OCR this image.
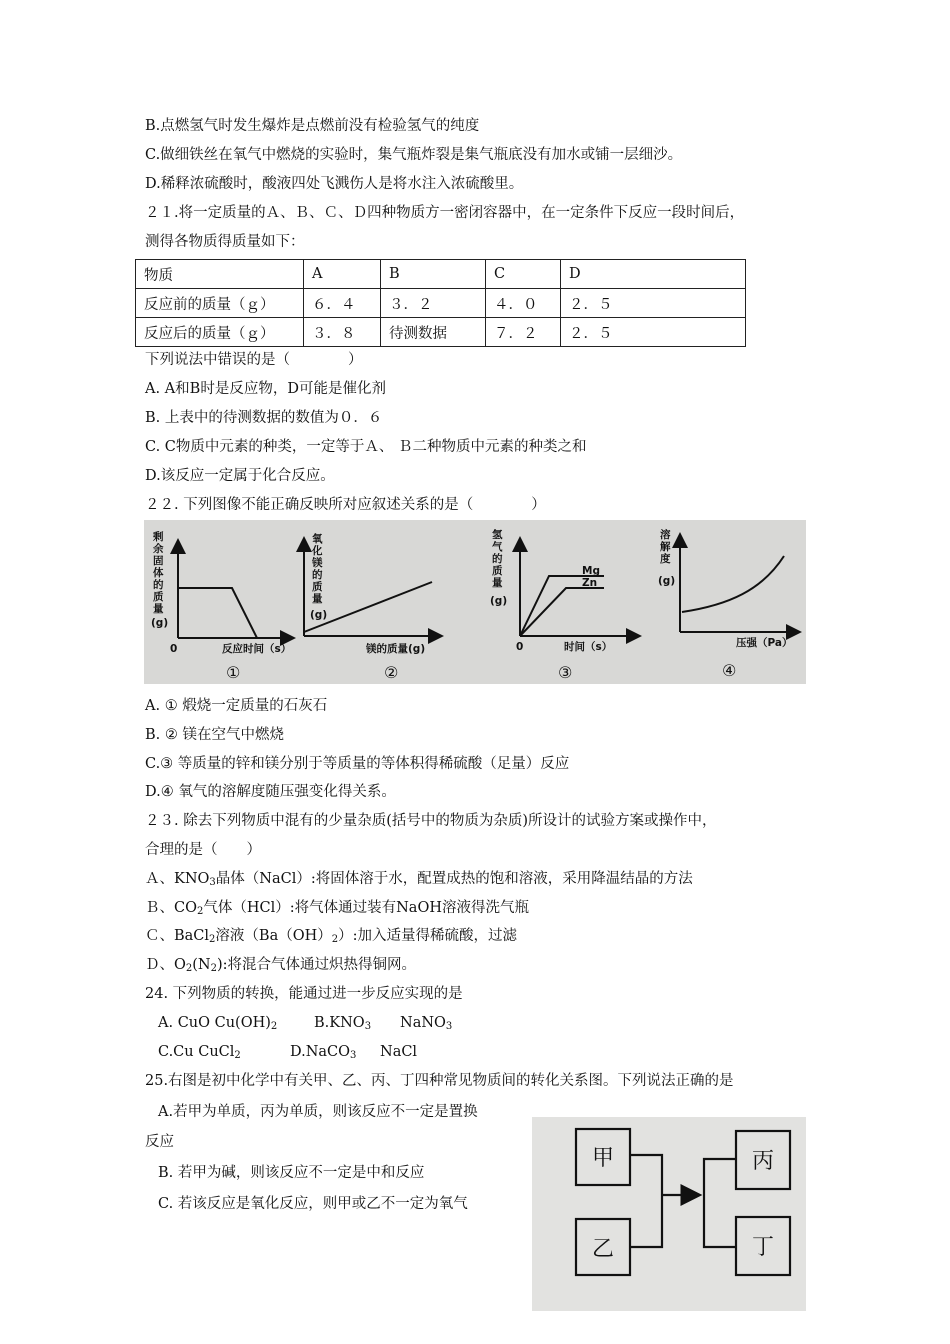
B.点燃氢气时发生爆炸是点燃前没有检验氢气的纯度
C.做细铁丝在氧气中燃烧的实验时，集气瓶炸裂是集气瓶底没有加水或铺一层细沙。
D.稀释浓硫酸时，酸液四处飞溅伤人是将水注入浓硫酸里。
２１.将一定质量的Ａ、Ｂ、Ｃ、Ｄ四种物质方一密闭容器中，在一定条件下反应一段时间后，
测得各物质得质量如下：
物质	A	B	C	D
反应前的质量（ｇ）	６．４	３．２	４．０	２．５
反应后的质量（ｇ）	３．８	待测数据	７．２	２．５
下列说法中错误的是（　　　　）
A. A和B时是反应物，D可能是催化剂
B. 上表中的待测数据的数值为０．６
C. C物质中元素的种类，一定等于Ａ、 Ｂ二种物质中元素的种类之和
D.该反应一定属于化合反应。
２２. 下列图像不能正确反映所对应叙述关系的是（　　　　）
剩
余
固
体
的
质
量
(g)
0	反应时间（s）
氧
化
镁
的
质
量
(g)
镁的质量(g)
氢
气
的
质
量
(g)
0
Mg
Zn
时间（s）
溶
解
度
(g)
压强（Pa）
①	②	③	④
A. ① 煅烧一定质量的石灰石
B. ② 镁在空气中燃烧
C.③ 等质量的锌和镁分别于等质量的等体积得稀硫酸（足量）反应
D.④ 氧气的溶解度随压强变化得关系。
２３. 除去下列物质中混有的少量杂质(括号中的物质为杂质)所设计的试验方案或操作中，
合理的是（　　）
Ａ、$KNO_3$晶体（NaCl）:将固体溶于水，配置成热的饱和溶液，采用降温结晶的方法
Ｂ、$CO_2$气体（HCl）:将气体通过装有NaOH溶液得洗气瓶
Ｃ、BaCl$_2$溶液$(Ba(OH)_2)$:加入适量得稀硫酸，过滤
Ｄ、$O_2(N_2)$:将混合气体通过炽热得铜网。
24. 下列物质的转换，能通过进一步反应实现的是
A. CuO $Cu(OH)_2$	$B.KNO_3$ NaNO$_3$
C.Cu CuCl$_2$	D.NaCO$_3$ NaCl
25.右图是初中化学中有关甲、乙、丙、丁四种常见物质间的转化关系图。下列说法正确的是
A.若甲为单质，丙为单质，则该反应不一定是置换
反应
B. 若甲为碱，则该反应不一定是中和反应
C. 若该反应是氧化反应，则甲或乙不一定为氧气
甲
乙
丙
丁
